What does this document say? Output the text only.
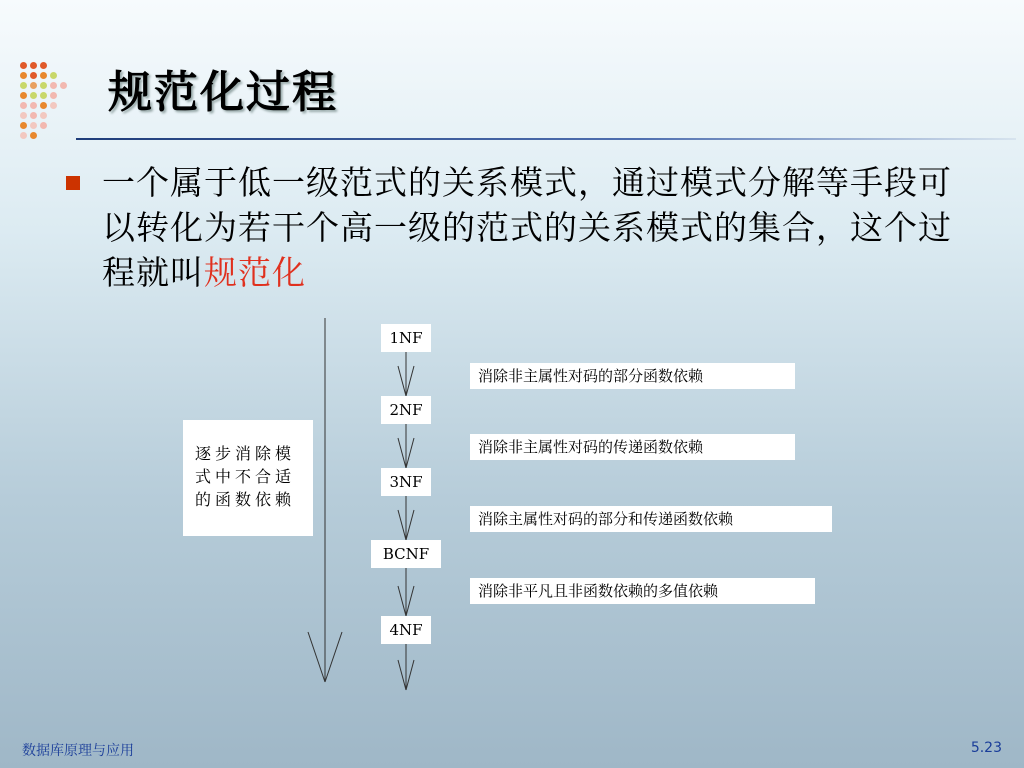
规范化过程
一个属于低一级范式的关系模式，通过模式分解等手段可以转化为若干个高一级的范式的关系模式的集合，这个过程就叫规范化
1NF
2NF
3NF
BCNF
4NF
消除非主属性对码的部分函数依赖
消除非主属性对码的传递函数依赖
消除主属性对码的部分和传递函数依赖
消除非平凡且非函数依赖的多值依赖
逐步消除模
式中不合适
的函数依赖
数据库原理与应用	5.23
